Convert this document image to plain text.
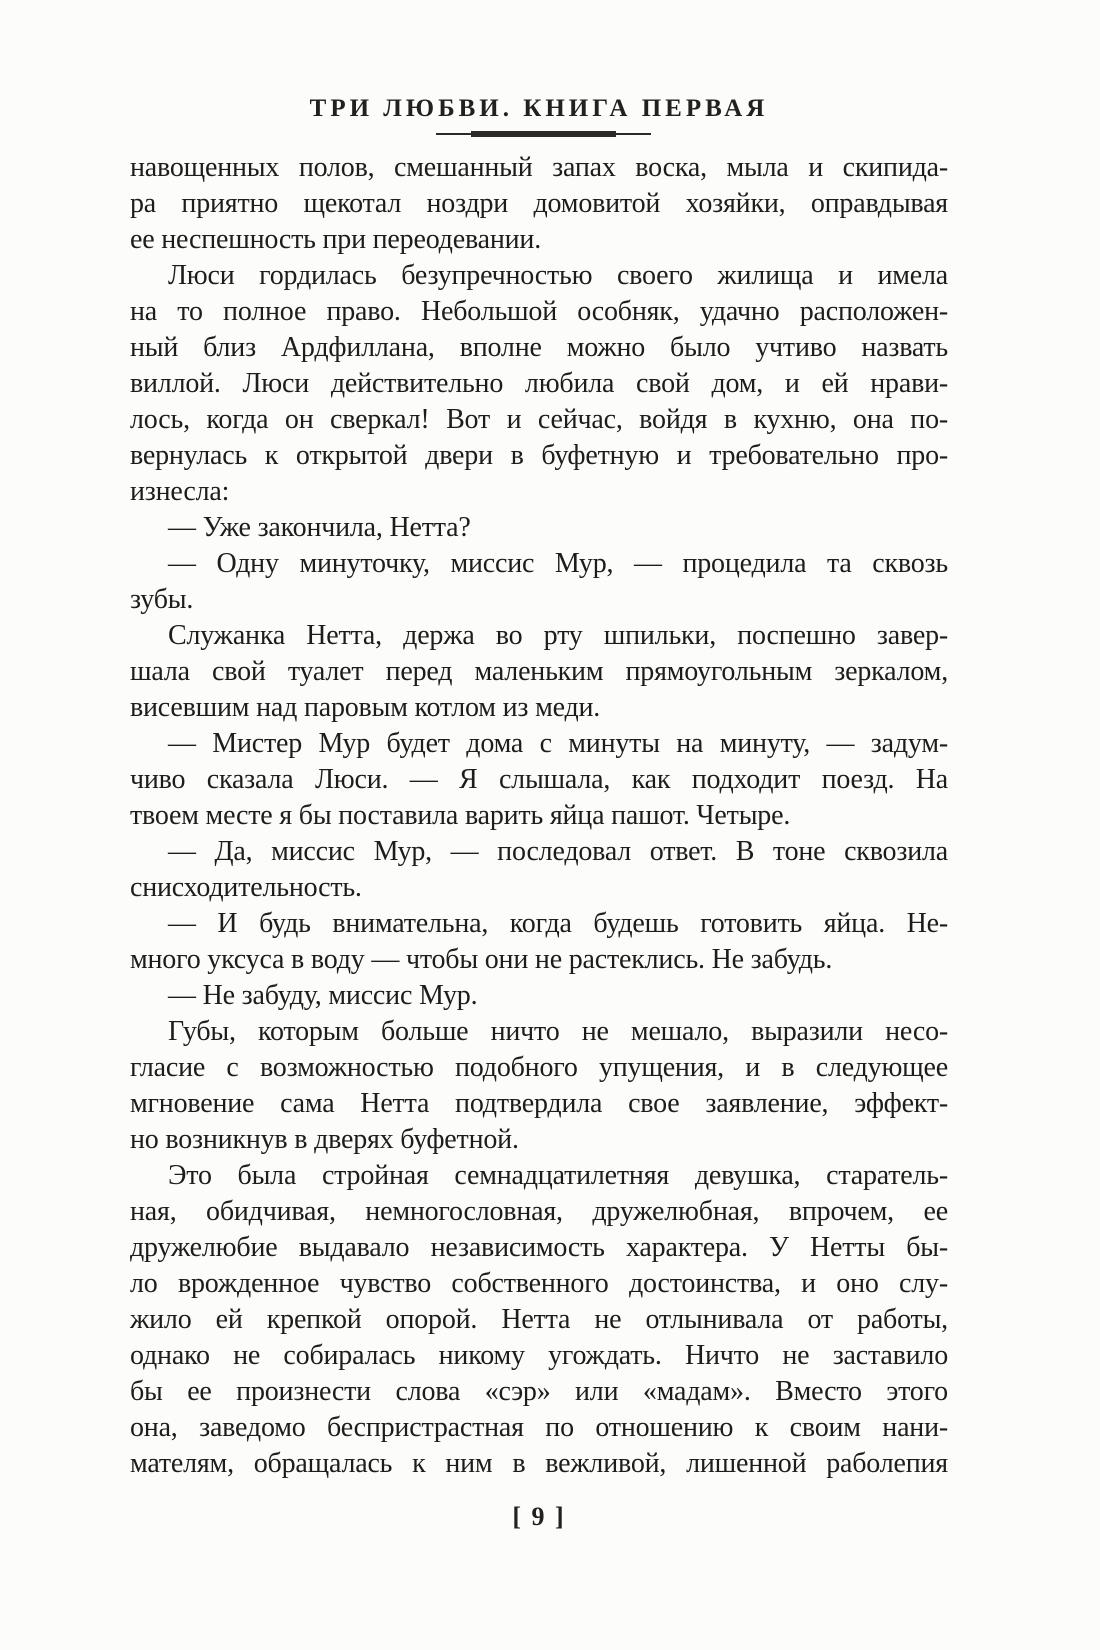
ТРИ ЛЮБВИ. КНИГА ПЕРВАЯ
навощенных полов, смешанный запах воска, мыла и скипида-
ра приятно щекотал ноздри домовитой хозяйки, оправдывая
ее неспешность при переодевании.
Люси гордилась безупречностью своего жилища и имела
на то полное право. Небольшой особняк, удачно расположен-
ный близ Ардфиллана, вполне можно было учтиво назвать
виллой. Люси действительно любила свой дом, и ей нрави-
лось, когда он сверкал! Вот и сейчас, войдя в кухню, она по-
вернулась к открытой двери в буфетную и требовательно про-
изнесла:
— Уже закончила, Нетта?
— Одну минуточку, миссис Мур, — процедила та сквозь
зубы.
Служанка Нетта, держа во рту шпильки, поспешно завер-
шала свой туалет перед маленьким прямоугольным зеркалом,
висевшим над паровым котлом из меди.
— Мистер Мур будет дома с минуты на минуту, — задум-
чиво сказала Люси. — Я слышала, как подходит поезд. На
твоем месте я бы поставила варить яйца пашот. Четыре.
— Да, миссис Мур, — последовал ответ. В тоне сквозила
снисходительность.
— И будь внимательна, когда будешь готовить яйца. Не-
много уксуса в воду — чтобы они не растеклись. Не забудь.
— Не забуду, миссис Мур.
Губы, которым больше ничто не мешало, выразили несо-
гласие с возможностью подобного упущения, и в следующее
мгновение сама Нетта подтвердила свое заявление, эффект-
но возникнув в дверях буфетной.
Это была стройная семнадцатилетняя девушка, старатель-
ная, обидчивая, немногословная, дружелюбная, впрочем, ее
дружелюбие выдавало независимость характера. У Нетты бы-
ло врожденное чувство собственного достоинства, и оно слу-
жило ей крепкой опорой. Нетта не отлынивала от работы,
однако не собиралась никому угождать. Ничто не заставило
бы ее произнести слова «сэр» или «мадам». Вместо этого
она, заведомо беспристрастная по отношению к своим нани-
мателям, обращалась к ним в вежливой, лишенной раболепия
[ 9 ]
